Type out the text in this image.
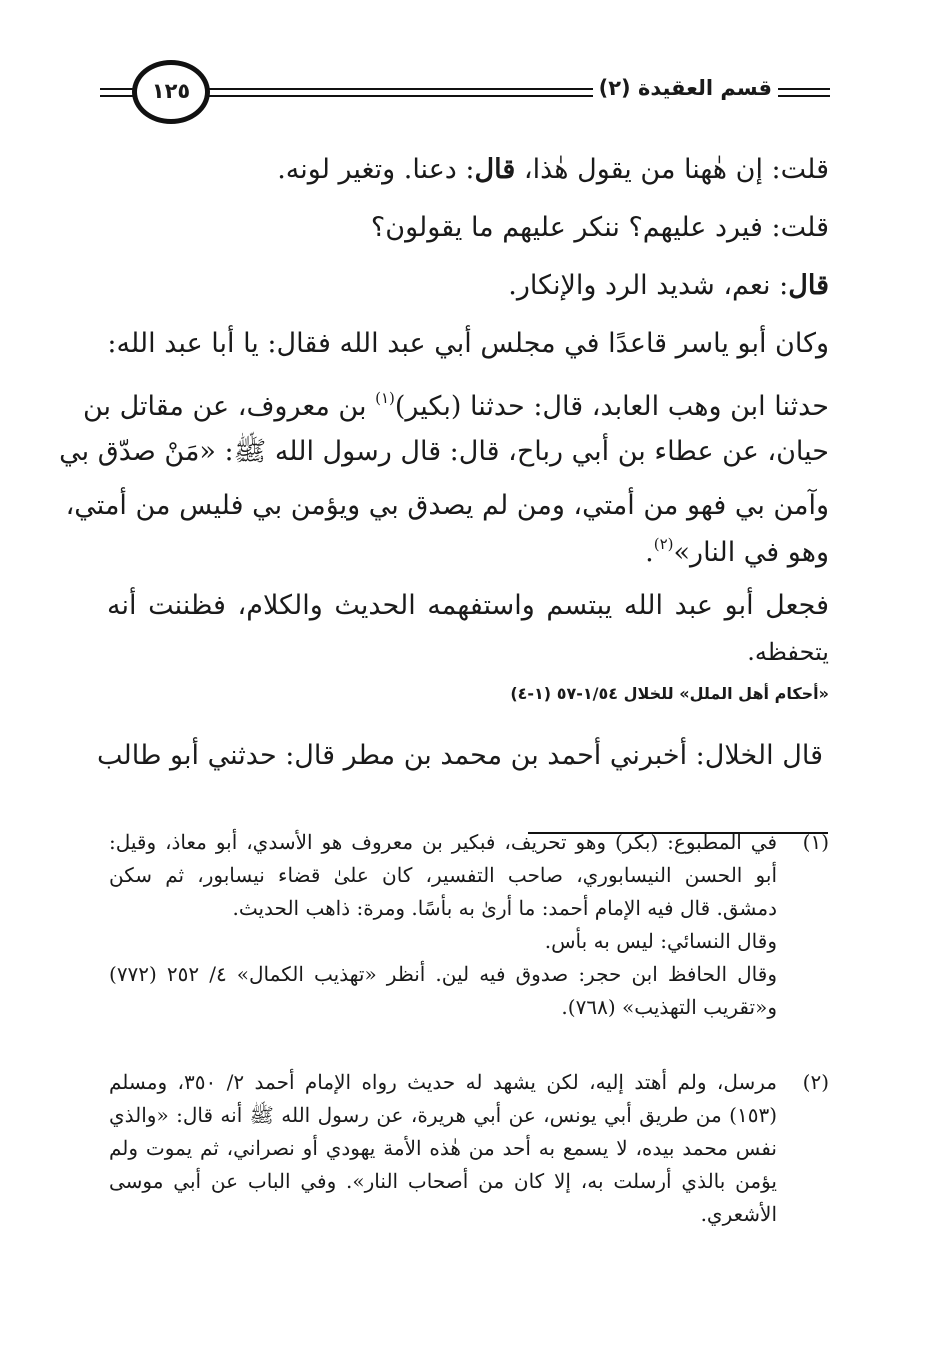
قسم العقيدة (٢)
١٢٥
قلت: إن هٰهنا من يقول هٰذا، قال: دعنا. وتغير لونه.
قلت: فيرد عليهم؟ ننكر عليهم ما يقولون؟
قال: نعم، شديد الرد والإنكار.
وكان أبو ياسر قاعدًا في مجلس أبي عبد الله فقال: يا أبا عبد الله:
حدثنا ابن وهب العابد، قال: حدثنا (بكير)$^{(١)}$ بن معروف، عن مقاتل بن
حيان، عن عطاء بن أبي رباح، قال: قال رسول الله ﷺ: «مَنْ صدّق بي
وآمن بي فهو من أمتي، ومن لم يصدق بي ويؤمن بي فليس من أمتي،
وهو في النار»$^{(٢)}$.
فجعل أبو عبد الله يبتسم واستفهمه الحديث والكلام، فظننت أنه
يتحفظه.
«أحكام أهل الملل» للخلال ١/٥٤-٥٧ (١-٤)
قال الخلال: أخبرني أحمد بن محمد بن مطر قال: حدثني أبو طالب
(١)
في المطبوع: (بكر) وهو تحريف، فبكير بن معروف هو الأسدي، أبو معاذ، وقيل:
أبو الحسن النيسابوري، صاحب التفسير، كان علىٰ قضاء نيسابور، ثم سكن
دمشق. قال فيه الإمام أحمد: ما أرىٰ به بأسًا. ومرة: ذاهب الحديث.
وقال النسائي: ليس به بأس.
وقال الحافظ ابن حجر: صدوق فيه لين. أنظر «تهذيب الكمال» ٤/ ٢٥٢ (٧٧٢)
و«تقريب التهذيب» (٧٦٨).
(٢)
مرسل، ولم أهتد إليه، لكن يشهد له حديث رواه الإمام أحمد ٢/ ٣٥٠، ومسلم
(١٥٣) من طريق أبي يونس، عن أبي هريرة، عن رسول الله ﷺ أنه قال: «والذي
نفس محمد بيده، لا يسمع به أحد من هٰذه الأمة يهودي أو نصراني، ثم يموت ولم
يؤمن بالذي أرسلت به، إلا كان من أصحاب النار». وفي الباب عن أبي موسى
الأشعري.
